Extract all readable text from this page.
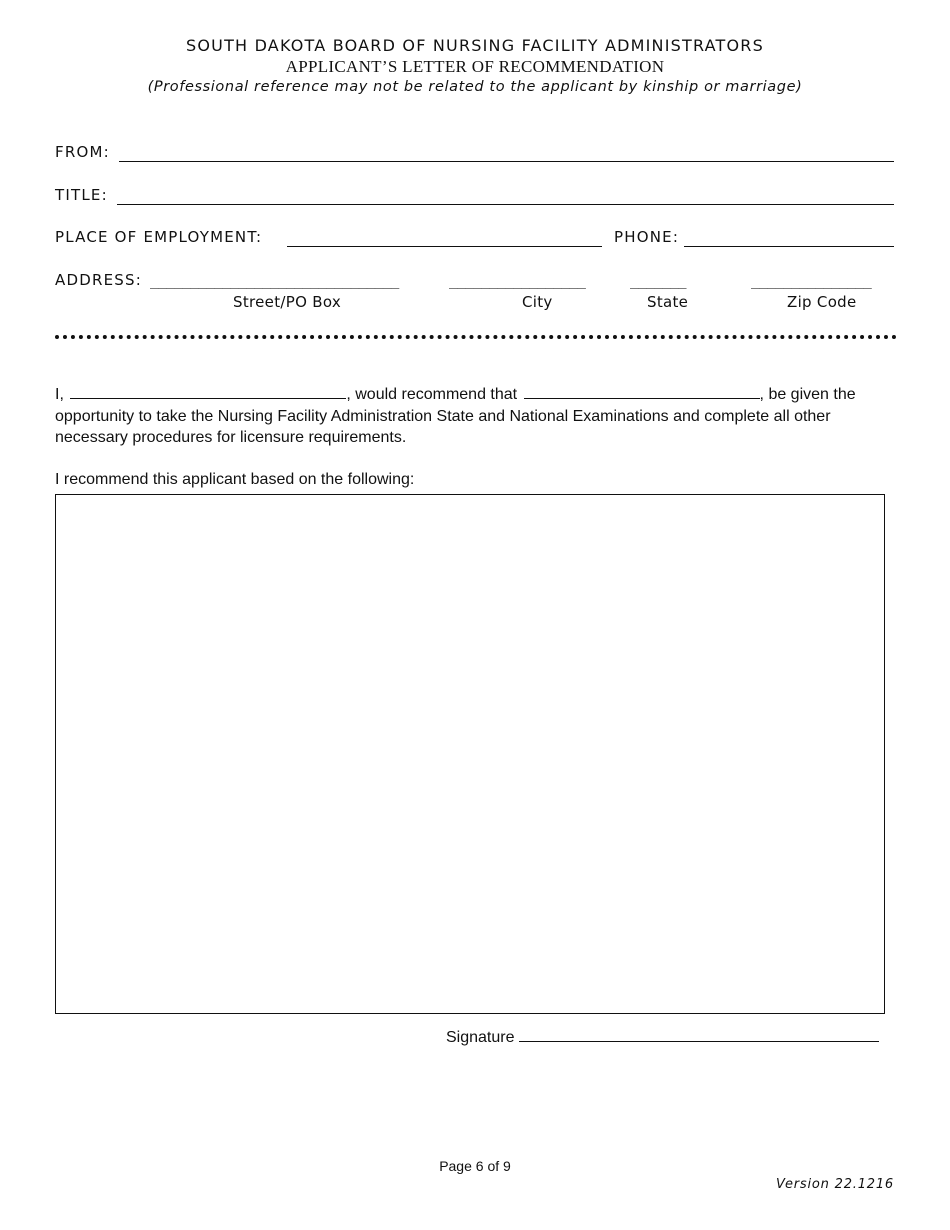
SOUTH DAKOTA BOARD OF NURSING FACILITY ADMINISTRATORS
APPLICANT’S LETTER OF RECOMMENDATION
(Professional reference may not be related to the applicant by kinship or marriage)
FROM:
TITLE:
PLACE OF EMPLOYMENT:	PHONE:
ADDRESS: _______________________________	_________________	_______	_______________
Street/PO Box	City	State	Zip Code
I,	, would recommend that	, be given the
opportunity to take the Nursing Facility Administration State and National Examinations and complete all other
necessary procedures for licensure requirements.
I recommend this applicant based on the following:
Signature
Page 6 of 9
Version 22.1216
